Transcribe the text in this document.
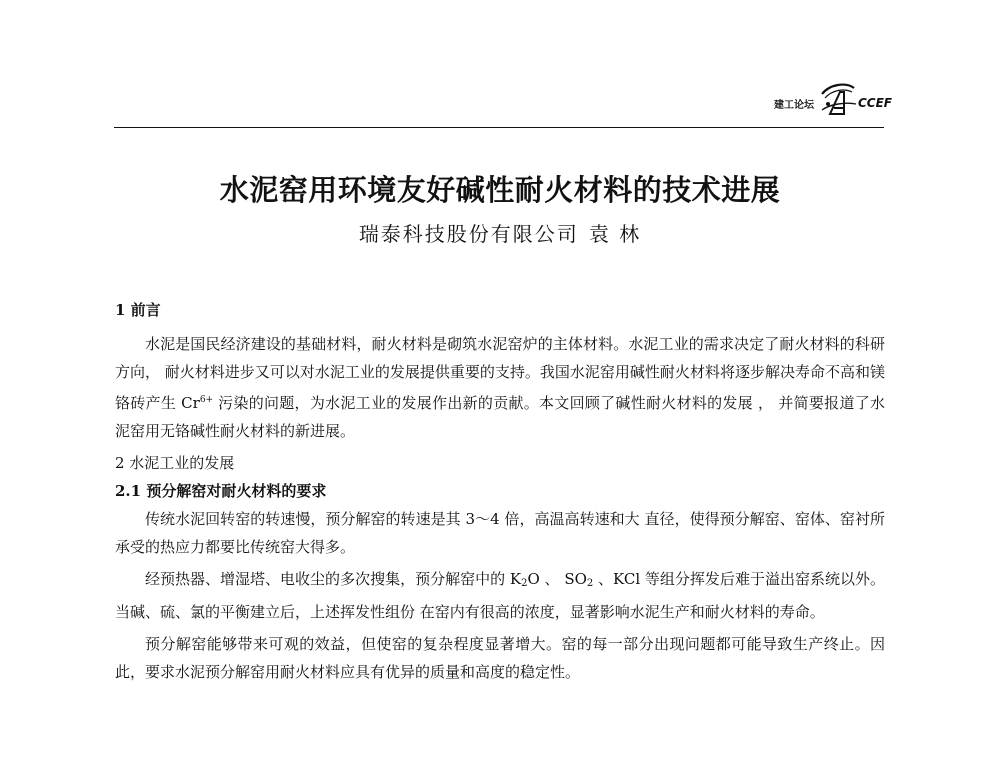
建工论坛	CCEF
水泥窑用环境友好碱性耐火材料的技术进展

瑞泰科技股份有限公司 袁 林

1 前言

水泥是国民经济建设的基础材料，耐火材料是砌筑水泥窑炉的主体材料。水泥工业的需求决定了耐火材料的科研方向， 耐火材料进步又可以对水泥工业的发展提供重要的支持。我国水泥窑用碱性耐火材料将逐步解决寿命不高和镁铬砖产生 $Cr^{6+}$ 污染的问题，为水泥工业的发展作出新的贡献。本文回顾了碱性耐火材料的发展 ， 并简要报道了水泥窑用无铬碱性耐火材料的新进展。

2 水泥工业的发展

2.1 预分解窑对耐火材料的要求

传统水泥回转窑的转速慢，预分解窑的转速是其 3～4 倍，高温高转速和大 直径，使得预分解窑、窑体、窑衬所承受的热应力都要比传统窑大得多。

经预热器、增湿塔、电收尘的多次搜集，预分解窑中的 $K_2O$ 、 $SO_2$ 、KCl 等组分挥发后难于溢出窑系统以外。当碱、硫、氯的平衡建立后，上述挥发性组份 在窑内有很高的浓度，显著影响水泥生产和耐火材料的寿命。

预分解窑能够带来可观的效益，但使窑的复杂程度显著增大。窑的每一部分出现问题都可能导致生产终止。因此，要求水泥预分解窑用耐火材料应具有优异的质量和高度的稳定性。
